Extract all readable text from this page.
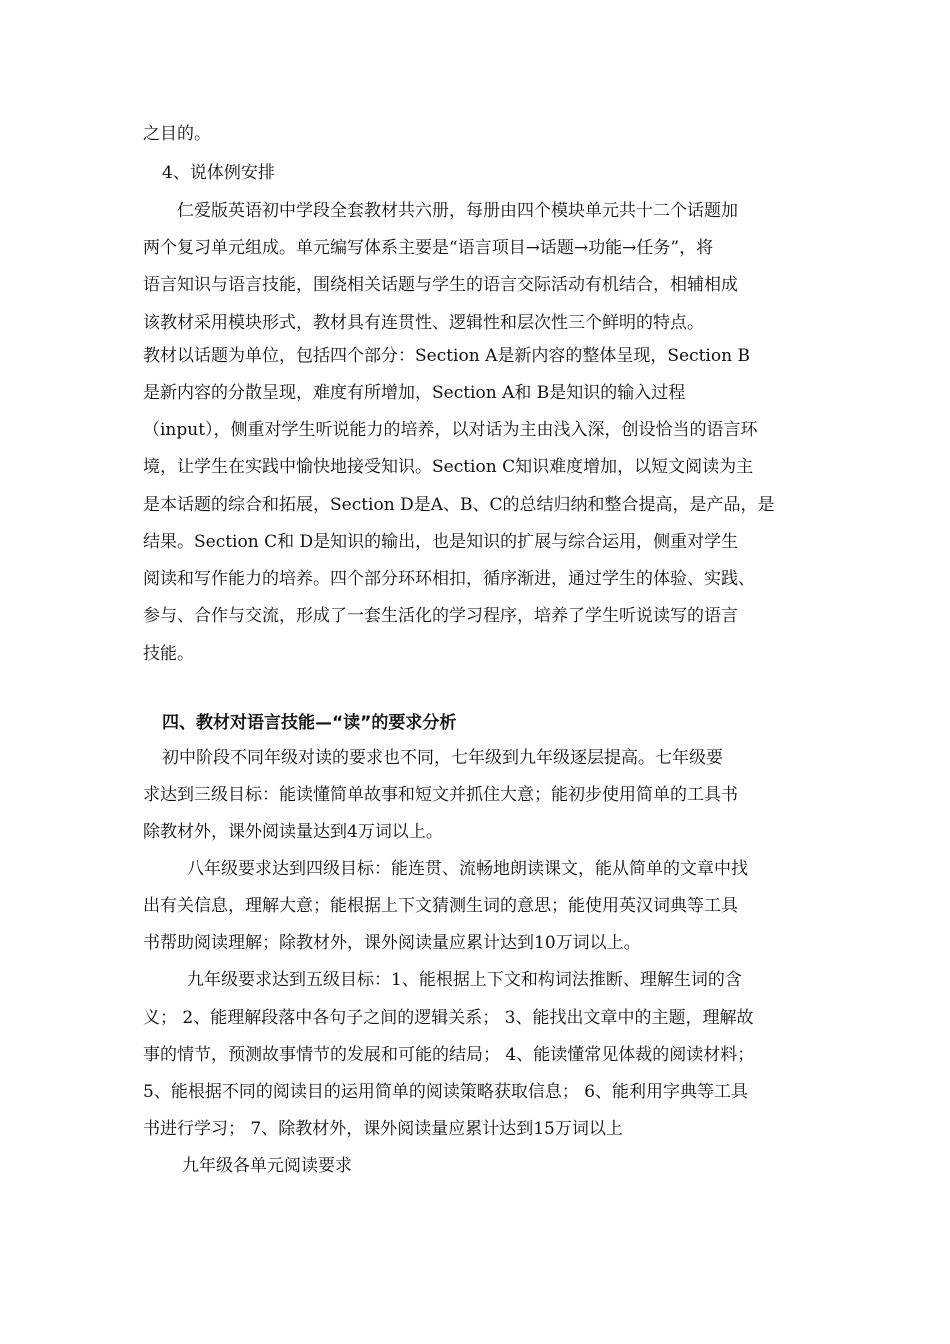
之目的。
4、说体例安排
仁爱版英语初中学段全套教材共六册，每册由四个模块单元共十二个话题加
两个复习单元组成。单元编写体系主要是“语言项目→话题→功能→任务”，将
语言知识与语言技能，围绕相关话题与学生的语言交际活动有机结合，相辅相成
该教材采用模块形式，教材具有连贯性、逻辑性和层次性三个鲜明的特点。
教材以话题为单位，包括四个部分：Section A是新内容的整体呈现，Section B
是新内容的分散呈现，难度有所增加，Section A和 B是知识的输入过程
（input），侧重对学生听说能力的培养，以对话为主由浅入深，创设恰当的语言环
境，让学生在实践中愉快地接受知识。Section C知识难度增加，以短文阅读为主
是本话题的综合和拓展，Section D是A、B、C的总结归纳和整合提高，是产品，是
结果。Section C和 D是知识的输出，也是知识的扩展与综合运用，侧重对学生
阅读和写作能力的培养。四个部分环环相扣，循序渐进，通过学生的体验、实践、
参与、合作与交流，形成了一套生活化的学习程序，培养了学生听说读写的语言
技能。
四、教材对语言技能—“读”的要求分析
初中阶段不同年级对读的要求也不同，七年级到九年级逐层提高。七年级要
求达到三级目标：能读懂简单故事和短文并抓住大意；能初步使用简单的工具书
除教材外，课外阅读量达到4万词以上。
八年级要求达到四级目标：能连贯、流畅地朗读课文，能从简单的文章中找
出有关信息，理解大意；能根据上下文猜测生词的意思；能使用英汉词典等工具
书帮助阅读理解；除教材外，课外阅读量应累计达到10万词以上。
九年级要求达到五级目标：1、能根据上下文和构词法推断、理解生词的含
义； 2、能理解段落中各句子之间的逻辑关系； 3、能找出文章中的主题，理解故
事的情节，预测故事情节的发展和可能的结局； 4、能读懂常见体裁的阅读材料；
5、能根据不同的阅读目的运用简单的阅读策略获取信息； 6、能利用字典等工具
书进行学习； 7、除教材外，课外阅读量应累计达到15万词以上
九年级各单元阅读要求
